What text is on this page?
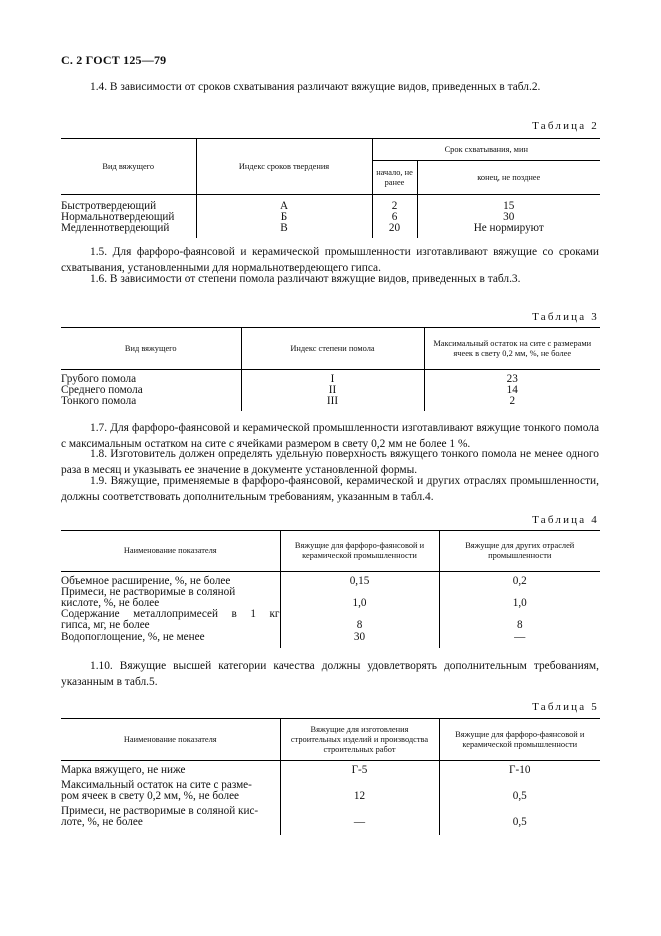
С. 2 ГОСТ 125—79
1.4. В зависимости от сроков схватывания различают вяжущие видов, приведенных в табл.2.
Таблица 2
Вид вяжущего	Индекс сроков твердения	Срок схватывания, мин	
		начало, не ранее	конец, не позднее

Быстротвердеющий	А	2	15
Нормальнотвердеющий	Б	6	30
Медленнотвердеющий	В	20	Не нормируют

1.5. Для фарфоро-фаянсовой и керамической промышленности изготавливают вяжущие со сроками схватывания, установленными для нормальнотвердеющего гипса.
1.6. В зависимости от степени помола различают вяжущие видов, приведенных в табл.3.
Таблица 3
Вид вяжущего	Индекс степени помола	Максимальный остаток на сите с размерами ячеек в свету 0,2 мм, %, не более

Грубого помола	I	23
Среднего помола	II	14
Тонкого помола	III	2

1.7. Для фарфоро-фаянсовой и керамической промышленности изготавливают вяжущие тонкого помола с максимальным остатком на сите с ячейками размером в свету 0,2 мм не более 1 %.
1.8. Изготовитель должен определять удельную поверхность вяжущего тонкого помола не менее одного раза в месяц и указывать ее значение в документе установленной формы.
1.9. Вяжущие, применяемые в фарфоро-фаянсовой, керамической и других отраслях промышленности, должны соответствовать дополнительным требованиям, указанным в табл.4.
Таблица 4
Наименование показателя	Вяжущие для фарфоро-фаянсовой и керамической промышленности	Вяжущие для других отраслей промышленности

Объемное расширение, %, не более	0,15	0,2
Примеси, не растворимые в соляной	1,0	1,0
кислоте, %, не более		
Содержание металлопримесей в 1 кг	8	8
гипса, мг, не более		
Водопоглощение, %, не менее	30	—

1.10. Вяжущие высшей категории качества должны удовлетворять дополнительным требованиям, указанным в табл.5.
Таблица 5
Наименование показателя	Вяжущие для изготовления строительных изделий и производства строительных работ	Вяжущие для фарфоро-фаянсовой и керамической промышленности

Марка вяжущего, не ниже	Г-5	Г-10

Максимальный остаток на сите с разме-	12	0,5
ром ячеек в свету 0,2 мм, %, не более		

Примеси, не растворимые в соляной кис-	—	0,5
лоте, %, не более		
